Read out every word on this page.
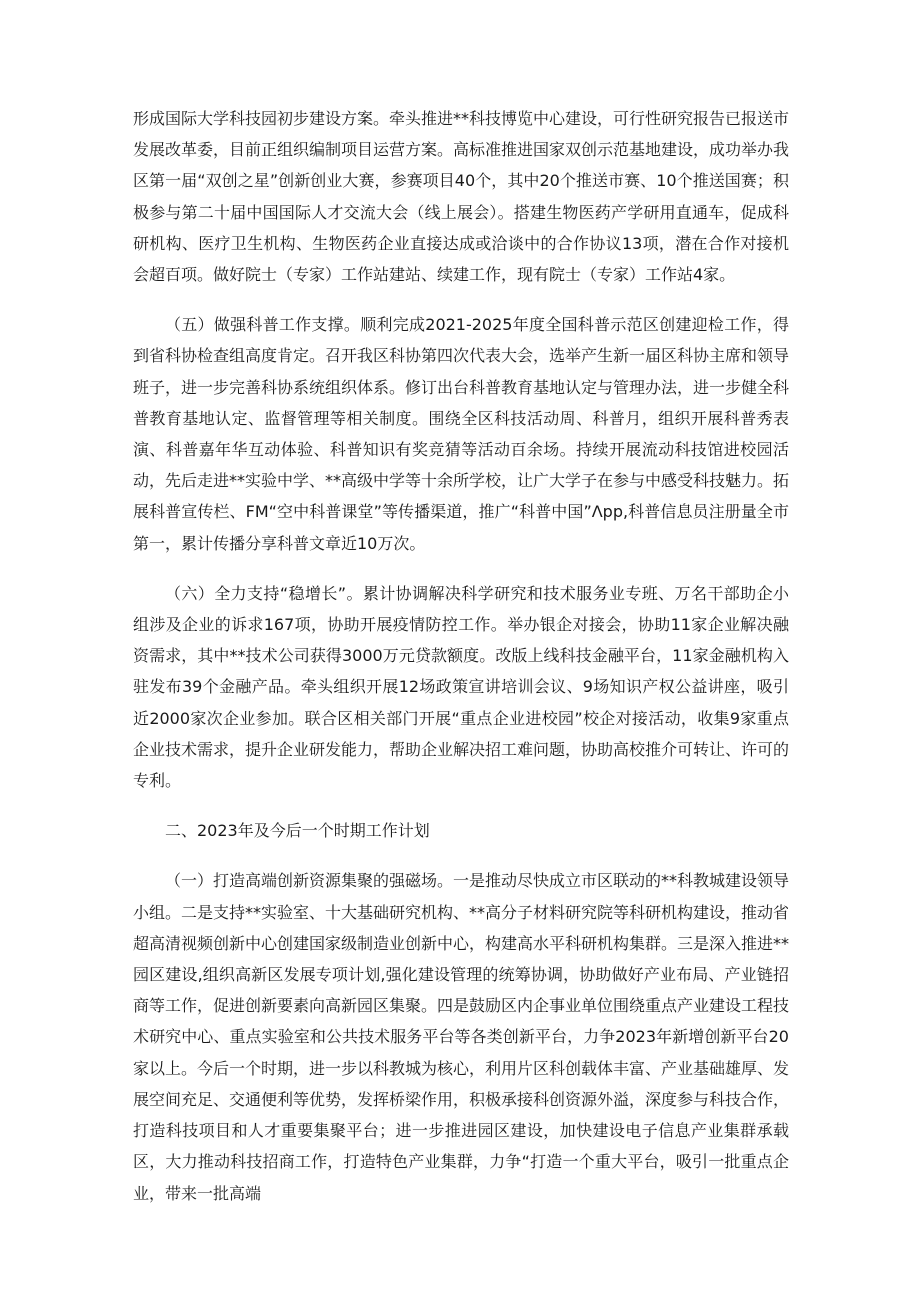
形成国际大学科技园初步建设方案。牵头推进**科技博览中心建设，可行性研究报告已报送市发展改革委，目前正组织编制项目运营方案。高标准推进国家双创示范基地建设，成功举办我区第一届“双创之星”创新创业大赛，参赛项目40个，其中20个推送市赛、10个推送国赛；积极参与第二十届中国国际人才交流大会（线上展会）。搭建生物医药产学研用直通车，促成科研机构、医疗卫生机构、生物医药企业直接达成或洽谈中的合作协议13项，潜在合作对接机会超百项。做好院士（专家）工作站建站、续建工作，现有院士（专家）工作站4家。

（五）做强科普工作支撑。顺利完成2021-2025年度全国科普示范区创建迎检工作，得到省科协检查组高度肯定。召开我区科协第四次代表大会，选举产生新一届区科协主席和领导班子，进一步完善科协系统组织体系。修订出台科普教育基地认定与管理办法，进一步健全科普教育基地认定、监督管理等相关制度。围绕全区科技活动周、科普月，组织开展科普秀表演、科普嘉年华互动体验、科普知识有奖竞猜等活动百余场。持续开展流动科技馆进校园活动，先后走进**实验中学、**高级中学等十余所学校，让广大学子在参与中感受科技魅力。拓展科普宣传栏、FM“空中科普课堂”等传播渠道，推广“科普中国”Λpp,科普信息员注册量全市第一，累计传播分享科普文章近10万次。

（六）全力支持“稳增长”。累计协调解决科学研究和技术服务业专班、万名干部助企小组涉及企业的诉求167项，协助开展疫情防控工作。举办银企对接会，协助11家企业解决融资需求，其中**技术公司获得3000万元贷款额度。改版上线科技金融平台，11家金融机构入驻发布39个金融产品。牵头组织开展12场政策宣讲培训会议、9场知识产权公益讲座，吸引近2000家次企业参加。联合区相关部门开展“重点企业进校园”校企对接活动，收集9家重点企业技术需求，提升企业研发能力，帮助企业解决招工难问题，协助高校推介可转让、许可的专利。

二、2023年及今后一个时期工作计划

（一）打造高端创新资源集聚的强磁场。一是推动尽快成立市区联动的**科教城建设领导小组。二是支持**实验室、十大基础研究机构、**高分子材料研究院等科研机构建设，推动省超高清视频创新中心创建国家级制造业创新中心，构建高水平科研机构集群。三是深入推进**园区建设,组织高新区发展专项计划,强化建设管理的统筹协调，协助做好产业布局、产业链招商等工作，促进创新要素向高新园区集聚。四是鼓励区内企事业单位围绕重点产业建设工程技术研究中心、重点实验室和公共技术服务平台等各类创新平台，力争2023年新增创新平台20家以上。今后一个时期，进一步以科教城为核心，利用片区科创载体丰富、产业基础雄厚、发展空间充足、交通便利等优势，发挥桥梁作用，积极承接科创资源外溢，深度参与科技合作，打造科技项目和人才重要集聚平台；进一步推进园区建设，加快建设电子信息产业集群承载区，大力推动科技招商工作，打造特色产业集群，力争“打造一个重大平台，吸引一批重点企业，带来一批高端
